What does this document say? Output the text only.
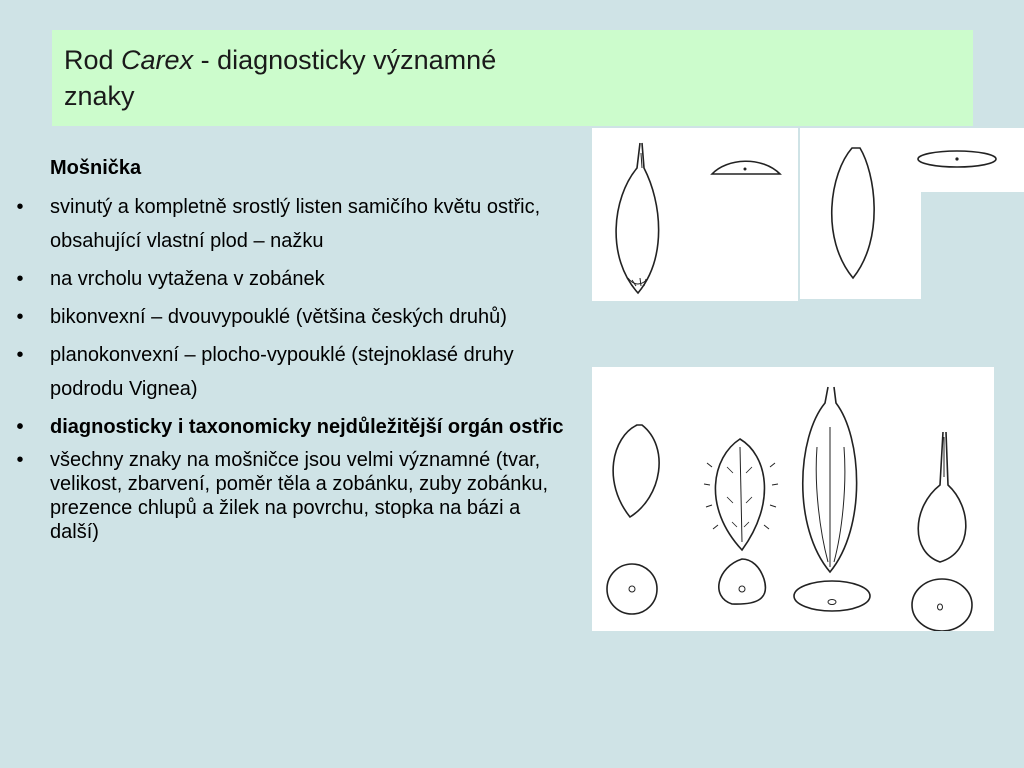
Rod Carex - diagnosticky významné
znaky
Mošnička
•	svinutý a kompletně srostlý listen samičího květu ostřic, obsahující vlastní plod – nažku
•	na vrcholu vytažena v zobánek
•	bikonvexní – dvouvypouklé (většina českých druhů)
•	planokonvexní – plocho-vypouklé (stejnoklasé druhy podrodu Vignea)
•	diagnosticky i taxonomicky nejdůležitější orgán ostřic
•	všechny znaky na mošničce jsou velmi významné (tvar, velikost, zbarvení, poměr těla a zobánku, zuby zobánku, prezence chlupů a žilek na povrchu, stopka na bázi a další)
